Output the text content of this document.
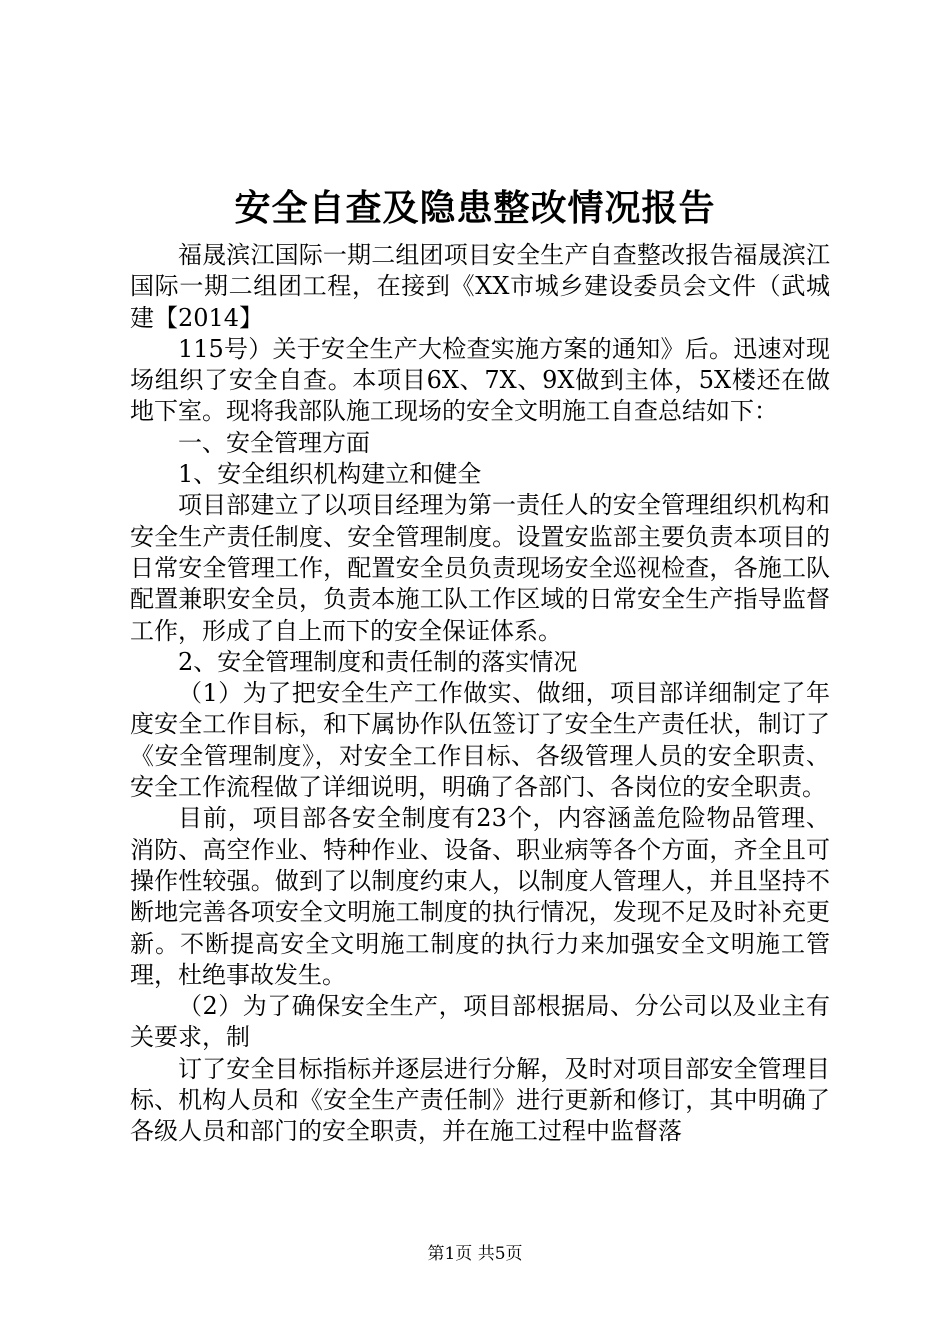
安全自查及隐患整改情况报告

福晟滨江国际一期二组团项目安全生产自查整改报告福晟滨江国际一期二组团工程，在接到《XX市城乡建设委员会文件（武城建【2014】

115号）关于安全生产大检查实施方案的通知》后。迅速对现场组织了安全自查。本项目6X、7X、9X做到主体，5X楼还在做地下室。现将我部队施工现场的安全文明施工自查总结如下：

一、安全管理方面

1、安全组织机构建立和健全

项目部建立了以项目经理为第一责任人的安全管理组织机构和安全生产责任制度、安全管理制度。设置安监部主要负责本项目的日常安全管理工作，配置安全员负责现场安全巡视检查，各施工队配置兼职安全员，负责本施工队工作区域的日常安全生产指导监督工作，形成了自上而下的安全保证体系。

2、安全管理制度和责任制的落实情况

（1）为了把安全生产工作做实、做细，项目部详细制定了年度安全工作目标，和下属协作队伍签订了安全生产责任状，制订了《安全管理制度》，对安全工作目标、各级管理人员的安全职责、安全工作流程做了详细说明，明确了各部门、各岗位的安全职责。

目前，项目部各安全制度有23个，内容涵盖危险物品管理、消防、高空作业、特种作业、设备、职业病等各个方面，齐全且可操作性较强。做到了以制度约束人，以制度人管理人，并且坚持不断地完善各项安全文明施工制度的执行情况，发现不足及时补充更新。不断提高安全文明施工制度的执行力来加强安全文明施工管理，杜绝事故发生。

（2）为了确保安全生产，项目部根据局、分公司以及业主有关要求，制

订了安全目标指标并逐层进行分解，及时对项目部安全管理目标、机构人员和《安全生产责任制》进行更新和修订，其中明确了各级人员和部门的安全职责，并在施工过程中监督落

第1页 共5页
